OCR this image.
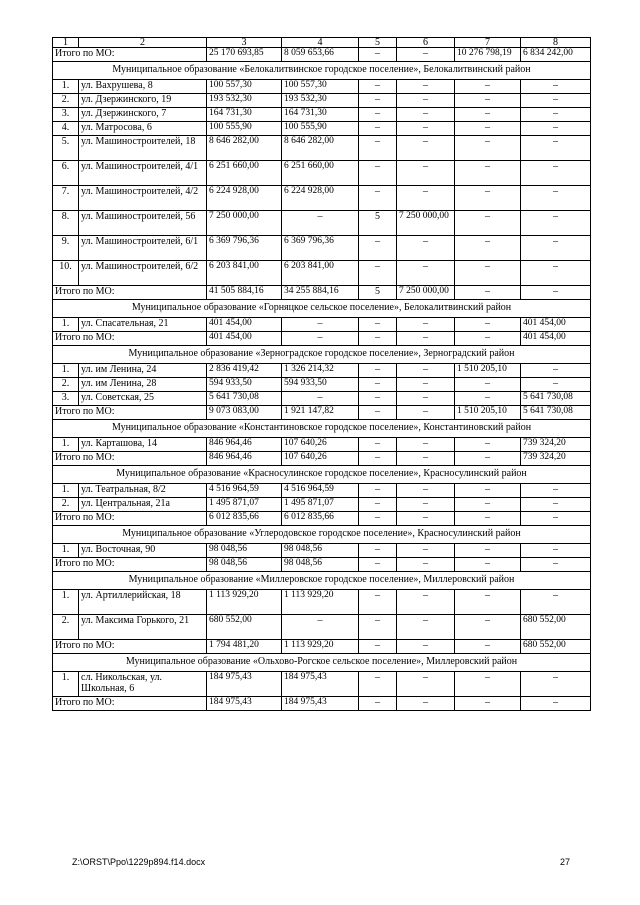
1	2	3	4	5	6	7	8
Итого по МО:		25 170 693,85	8 059 653,66	–	–	10 276 798,19	6 834 242,00
Муниципальное образование «Белокалитвинское городское поселение», Белокалитвинский район							
1.	ул. Вахрушева, 8	100 557,30	100 557,30	–	–	–	–
2.	ул. Дзержинского, 19	193 532,30	193 532,30	–	–	–	–
3.	ул. Дзержинского, 7	164 731,30	164 731,30	–	–	–	–
4.	ул. Матросова, 6	100 555,90	100 555,90	–	–	–	–
5.	ул. Машиностроителей, 18	8 646 282,00	8 646 282,00	–	–	–	–
6.	ул. Машиностроителей, 4/1	6 251 660,00	6 251 660,00	–	–	–	–
7.	ул. Машиностроителей, 4/2	6 224 928,00	6 224 928,00	–	–	–	–
8.	ул. Машиностроителей, 56	7 250 000,00	–	5	7 250 000,00	–	–
9.	ул. Машиностроителей, 6/1	6 369 796,36	6 369 796,36	–	–	–	–
10.	ул. Машиностроителей, 6/2	6 203 841,00	6 203 841,00	–	–	–	–
Итого по МО:		41 505 884,16	34 255 884,16	5	7 250 000,00	–	–
Муниципальное образование «Горняцкое сельское поселение», Белокалитвинский район							
1.	ул. Спасательная, 21	401 454,00	–	–	–	–	401 454,00
Итого по МО:		401 454,00	–	–	–	–	401 454,00
Муниципальное образование «Зерноградское городское поселение», Зерноградский район							
1.	ул. им Ленина, 24	2 836 419,42	1 326 214,32	–	–	1 510 205,10	–
2.	ул. им Ленина, 28	594 933,50	594 933,50	–	–	–	–
3.	ул. Советская, 25	5 641 730,08	–	–	–	–	5 641 730,08
Итого по МО:		9 073 083,00	1 921 147,82	–	–	1 510 205,10	5 641 730,08
Муниципальное образование «Константиновское городское поселение», Константиновский район							
1.	ул. Карташова, 14	846 964,46	107 640,26	–	–	–	739 324,20
Итого по МО:		846 964,46	107 640,26	–	–	–	739 324,20
Муниципальное образование «Красносулинское городское поселение», Красносулинский район							
1.	ул. Театральная, 8/2	4 516 964,59	4 516 964,59	–	–	–	–
2.	ул. Центральная, 21а	1 495 871,07	1 495 871,07	–	–	–	–
Итого по МО:		6 012 835,66	6 012 835,66	–	–	–	–
Муниципальное образование «Углеродовское городское поселение», Красносулинский район							
1.	ул. Восточная, 90	98 048,56	98 048,56	–	–	–	–
Итого по МО:		98 048,56	98 048,56	–	–	–	–
Муниципальное образование «Миллеровское городское поселение», Миллеровский район							
1.	ул. Артиллерийская, 18	1 113 929,20	1 113 929,20	–	–	–	–
2.	ул. Максима Горького, 21	680 552,00	–	–	–	–	680 552,00
Итого по МО:		1 794 481,20	1 113 929,20	–	–	–	680 552,00
Муниципальное образование «Ольховo-Рогское сельское поселение», Миллеровский район							
1.	сл. Никольская, ул. Школьная, 6	184 975,43	184 975,43	–	–	–	–
Итого по МО:		184 975,43	184 975,43	–	–	–	–
Z:\ORST\Ppo\1229p894.f14.docx	27
